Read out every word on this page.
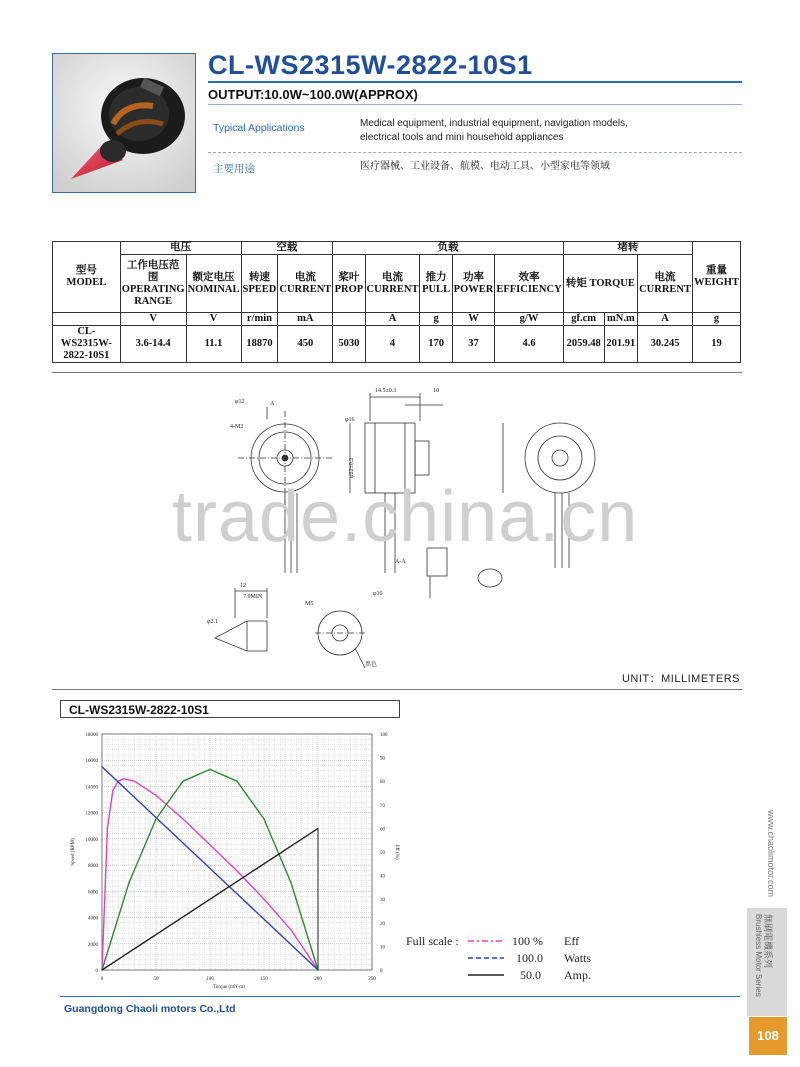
CL-WS2315W-2822-10S1
OUTPUT:10.0W~100.0W(APPROX)
Typical Applications	Medical equipment, industrial equipment, navigation models, electrical tools and mini household appliances
主要用途	医疗器械、工业设备、航模、电动工具、小型家电等领域
型号
MODEL	电压		空载		负载					堵转			重量 WEIGHT
	工作电压范围 OPERATING RANGE	额定电压 NOMINAL	转速 SPEED	电流 CURRENT	桨叶 PROP	电流 CURRENT	推力 PULL	功率 POWER	效率 EFFICIENCY	转矩 TORQUE		电流 CURRENT	
	V	V	r/min	mA		A	g	W	g/W	gf.cm	mN.m	A	g
CL-WS2315W-2822-10S1	3.6-14.4	11.1	18870	450	5030	4	170	37	4.6	2059.48	201.91	30.245	19
φ12
4-M2
A
φ16
14.5±0.3	10
φ22±0.2
A-A
12
7.9MIN
φ2.1
M5
φ10
黑色
trade.china.cn
UNIT：MILLIMETERS
CL-WS2315W-2822-10S1
0	50	100	150	200	250
0
2000
4000
6000
8000
10000
12000
14000
16000
18000
0
10
20
30
40
50
60
70
80
90
100
Torque (mN·m)
Speed (RPM)	Eff (%)
Full scale :	100 % Eff
100.0 Watts
50.0 Amp.
Guangdong Chaoli motors Co.,Ltd
www.chaolimotor.com
無刷電機系列
Brushless Motor Series
108
